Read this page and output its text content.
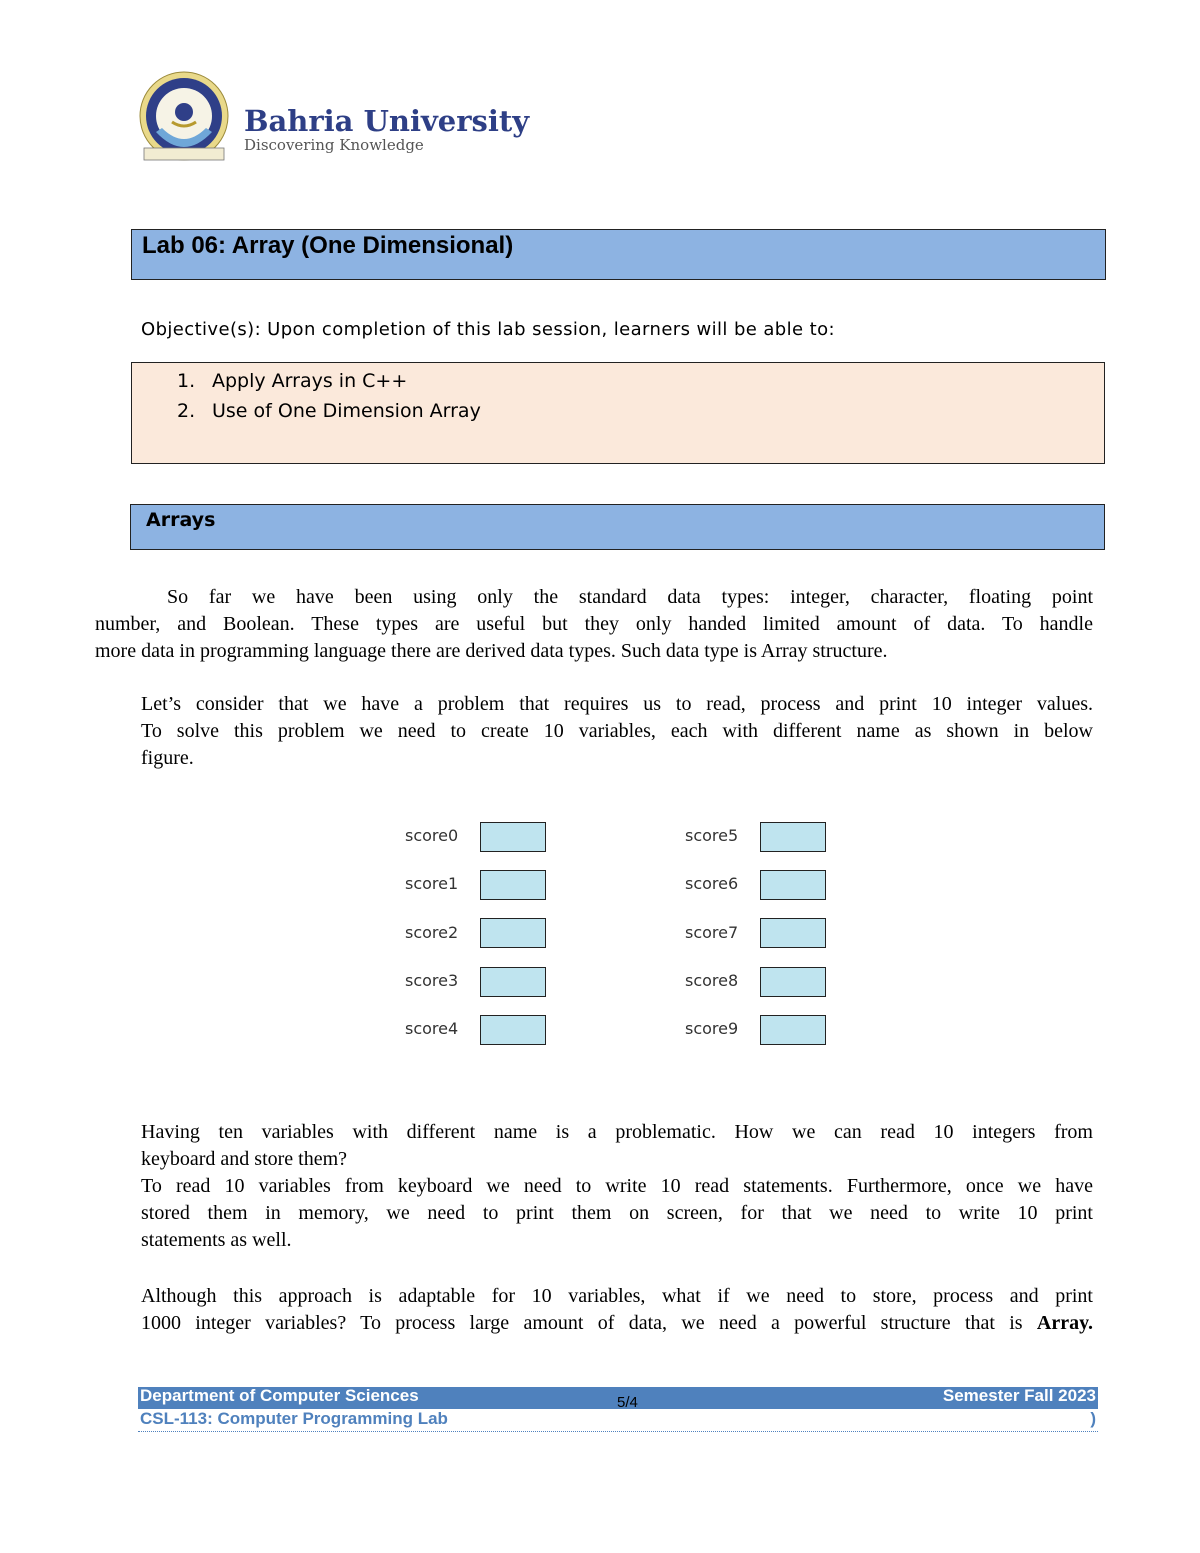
Bahria University
Discovering Knowledge
Lab 06: Array (One Dimensional)
Objective(s): Upon completion of this lab session, learners will be able to:
1. Apply Arrays in C++
2. Use of One Dimension Array
Arrays
So far we have been using only the standard data types: integer, character, floating point
number, and Boolean. These types are useful but they only handed limited amount of data. To handle
more data in programming language there are derived data types. Such data type is Array structure.
Let’s consider that we have a problem that requires us to read, process and print 10 integer values.
To solve this problem we need to create 10 variables, each with different name as shown in below
figure.
score0
score1
score2
score3
score4
score5
score6
score7
score8
score9
Having ten variables with different name is a problematic. How we can read 10 integers from
keyboard and store them?
To read 10 variables from keyboard we need to write 10 read statements. Furthermore, once we have
stored them in memory, we need to print them on screen, for that we need to write 10 print
statements as well.
Although this approach is adaptable for 10 variables, what if we need to store, process and print
1000 integer variables? To process large amount of data, we need a powerful structure that is Array.
Department of Computer Sciences	Semester Fall 2023
5/4
CSL-113: Computer Programming Lab	)
